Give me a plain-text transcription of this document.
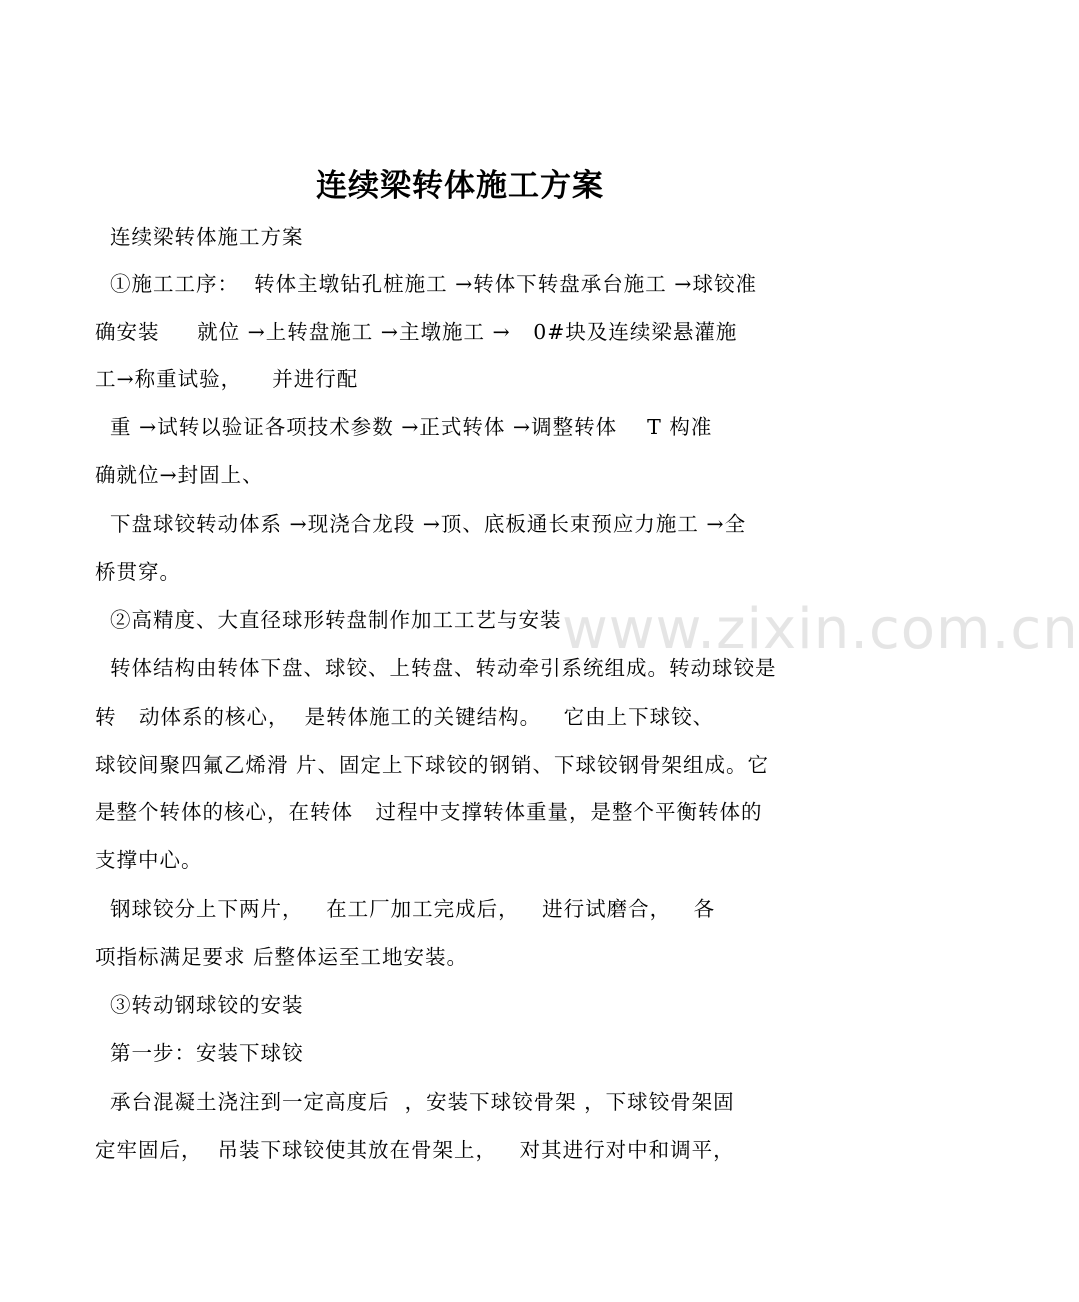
连续梁转体施工方案
连续梁转体施工方案
①施工工序：  转体主墩钻孔桩施工 →转体下转盘承台施工 →球铰准
确安装     就位 →上转盘施工 →主墩施工 →   0#块及连续梁悬灌施
工→称重试验，    并进行配
重 →试转以验证各项技术参数 →正式转体 →调整转体    T 构准
确就位→封固上、
下盘球铰转动体系 →现浇合龙段 →顶、底板通长束预应力施工 →全
桥贯穿。
②高精度、大直径球形转盘制作加工工艺与安装
转体结构由转体下盘、球铰、上转盘、转动牵引系统组成。转动球铰是
转   动体系的核心，  是转体施工的关键结构。   它由上下球铰、
球铰间聚四氟乙烯滑 片、固定上下球铰的钢销、下球铰钢骨架组成。它
是整个转体的核心，在转体   过程中支撑转体重量，是整个平衡转体的
支撑中心。
钢球铰分上下两片，   在工厂加工完成后，   进行试磨合，   各
项指标满足要求 后整体运至工地安装。
③转动钢球铰的安装
第一步：安装下球铰
承台混凝土浇注到一定高度后  ，安装下球铰骨架 ，下球铰骨架固
定牢固后，  吊装下球铰使其放在骨架上，   对其进行对中和调平，
www.zixin.com.cn
